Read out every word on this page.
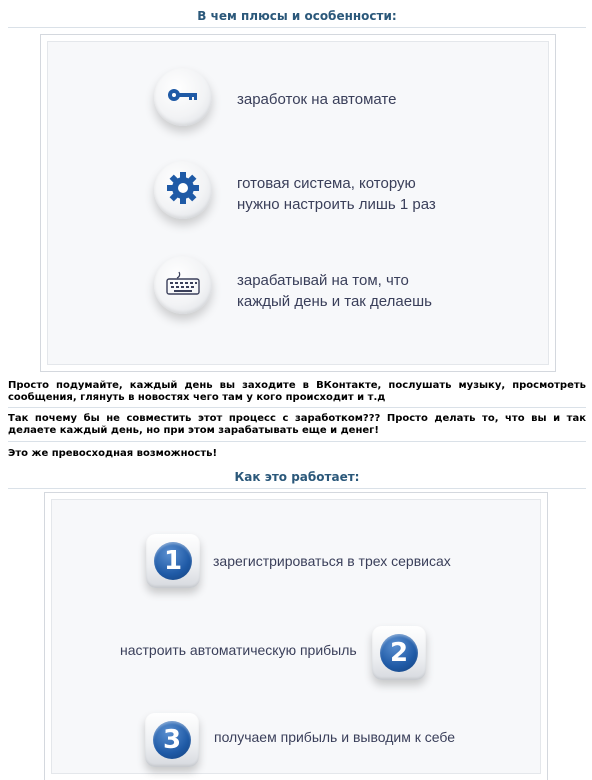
В чем плюсы и особенности:
заработок на автомате
готовая система, которую
нужно настроить лишь 1 раз
зарабатывай на том, что
каждый день и так делаешь
Просто подумайте, каждый день вы заходите в ВКонтакте, послушать музыку, просмотреть сообщения, глянуть в новостях чего там у кого происходит и т.д
Так почему бы не совместить этот процесс с заработком??? Просто делать то, что вы и так делаете каждый день, но при этом зарабатывать еще и денег!
Это же превосходная возможность!
Как это работает:
1	зарегистрироваться в трех сервисах
настроить автоматическую прибыль	2
3	получаем прибыль и выводим к себе
